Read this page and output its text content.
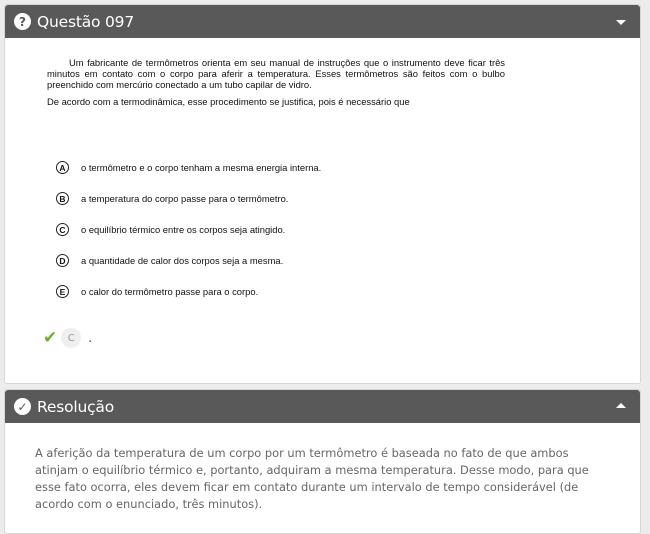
? Questão 097

Um fabricante de termômetros orienta em seu manual de instruções que o instrumento deve ficar três minutos em contato com o corpo para aferir a temperatura. Esses termômetros são feitos com o bulbo preenchido com mercúrio conectado a um tubo capilar de vidro.

De acordo com a termodinâmica, esse procedimento se justifica, pois é necessário que

A	o termômetro e o corpo tenham a mesma energia interna.
B	a temperatura do corpo passe para o termômetro.
C	o equilíbrio térmico entre os corpos seja atingido.
D	a quantidade de calor dos corpos seja a mesma.
E	o calor do termômetro passe para o corpo.
✔	C	.
✓ Resolução

A aferição da temperatura de um corpo por um termômetro é baseada no fato de que ambos atinjam o equilíbrio térmico e, portanto, adquiram a mesma temperatura. Desse modo, para que esse fato ocorra, eles devem ficar em contato durante um intervalo de tempo considerável (de acordo com o enunciado, três minutos).
